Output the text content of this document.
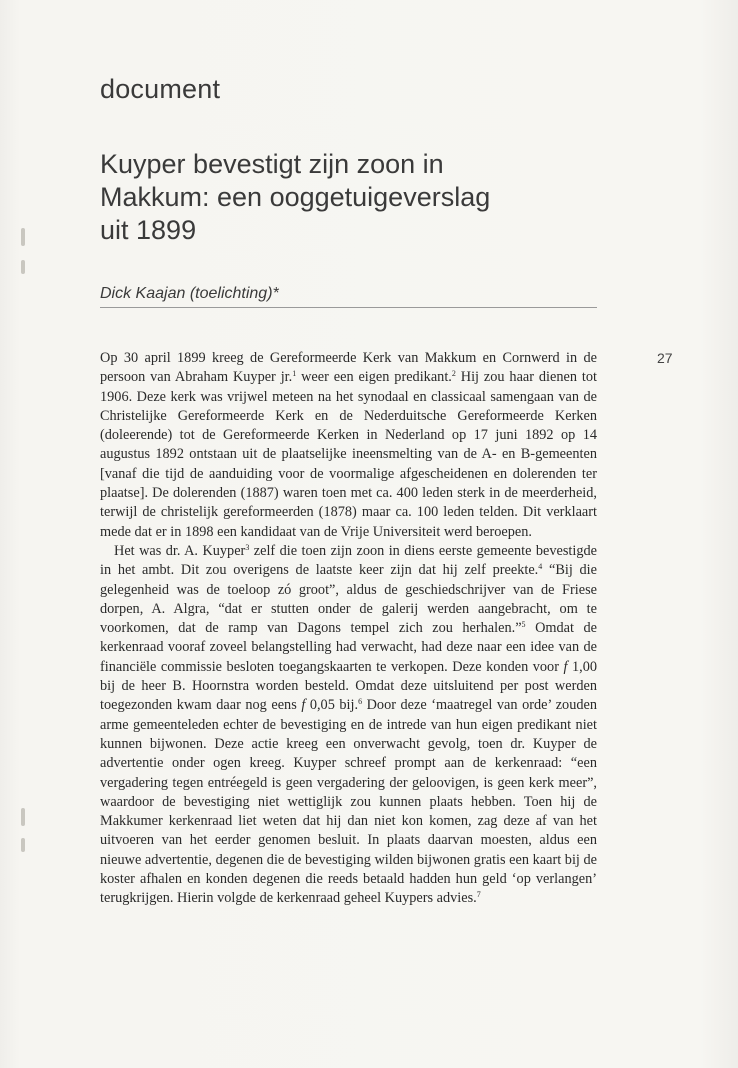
document
Kuyper bevestigt zijn zoon in
Makkum: een ooggetuigeverslag
uit 1899
Dick Kaajan (toelichting)*
27

Op 30 april 1899 kreeg de Gereformeerde Kerk van Makkum en Cornwerd in de persoon van Abraham Kuyper jr.$^1$ weer een eigen predikant.$^2$ Hij zou haar dienen tot 1906. Deze kerk was vrijwel meteen na het synodaal en classicaal samengaan van de Christelijke Gereformeerde Kerk en de Nederduitsche Gereformeerde Kerken (doleerende) tot de Gereformeerde Kerken in Nederland op 17 juni 1892 op 14 augustus 1892 ontstaan uit de plaatselijke ineensmelting van de A- en B-gemeenten [vanaf die tijd de aanduiding voor de voormalige afgescheidenen en dolerenden ter plaatse]. De dolerenden (1887) waren toen met ca. 400 leden sterk in de meerderheid, terwijl de christelijk gereformeerden (1878) maar ca. 100 leden telden. Dit verklaart mede dat er in 1898 een kandidaat van de Vrije Universiteit werd beroepen.

Het was dr. A. Kuyper$^3$ zelf die toen zijn zoon in diens eerste gemeente bevestigde in het ambt. Dit zou overigens de laatste keer zijn dat hij zelf preekte.$^4$ “Bij die gelegenheid was de toeloop zó groot”, aldus de geschiedschrijver van de Friese dorpen, A. Algra, “dat er stutten onder de galerij werden aangebracht, om te voorkomen, dat de ramp van Dagons tempel zich zou herhalen.”$^5$ Omdat de kerkenraad vooraf zoveel belangstelling had verwacht, had deze naar een idee van de financiële commissie besloten toegangskaarten te verkopen. Deze konden voor f 1,00 bij de heer B. Hoornstra worden besteld. Omdat deze uitsluitend per post werden toegezonden kwam daar nog eens f 0,05 bij.$^6$ Door deze ‘maatregel van orde’ zouden arme gemeenteleden echter de bevestiging en de intrede van hun eigen predikant niet kunnen bijwonen. Deze actie kreeg een onverwacht gevolg, toen dr. Kuyper de advertentie onder ogen kreeg. Kuyper schreef prompt aan de kerkenraad: “een vergadering tegen entréegeld is geen vergadering der geloovigen, is geen kerk meer”, waardoor de bevestiging niet wettiglijk zou kunnen plaats hebben. Toen hij de Makkumer kerkenraad liet weten dat hij dan niet kon komen, zag deze af van het uitvoeren van het eerder genomen besluit. In plaats daarvan moesten, aldus een nieuwe advertentie, degenen die de bevestiging wilden bijwonen gratis een kaart bij de koster afhalen en konden degenen die reeds betaald hadden hun geld ‘op verlangen’ terugkrijgen. Hierin volgde de kerkenraad geheel Kuypers advies.$^7$
